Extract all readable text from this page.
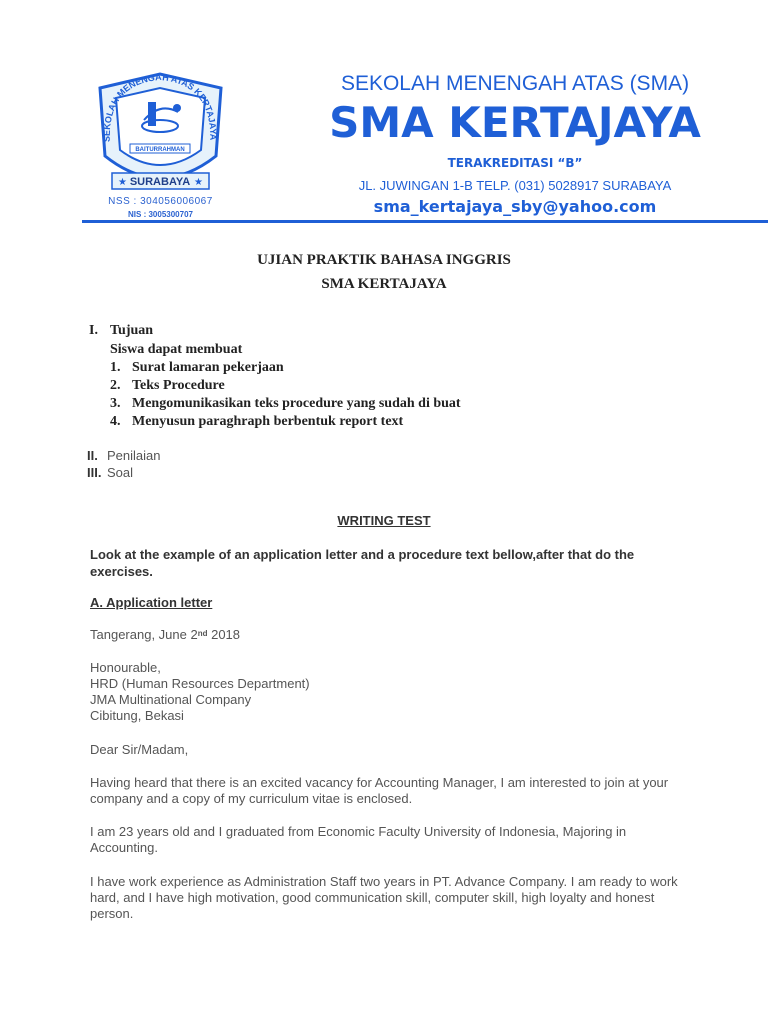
SEKOLAH MENENGAH ATAS KERTAJAYA
BAITURRAHMAN
★	★
SURABAYA
NSS : 304056006067
NIS : 3005300707
SEKOLAH MENENGAH ATAS (SMA)
SMA KERTAJAYA
TERAKREDITASI “B”
JL. JUWINGAN 1-B TELP. (031) 5028917 SURABAYA
sma_kertajaya_sby@yahoo.com
UJIAN PRAKTIK BAHASA INGGRIS
SMA KERTAJAYA
I. Tujuan
Siswa dapat membuat
1. Surat lamaran pekerjaan
2. Teks Procedure
3. Mengomunikasikan teks procedure yang sudah di buat
4. Menyusun paraghraph berbentuk report text
II. Penilaian
III. Soal
WRITING TEST
Look at the example of an application letter and a procedure text bellow,after that do the exercises.
A. Application letter
Tangerang, June 2nd 2018
Honourable,
HRD (Human Resources Department)
JMA Multinational Company
Cibitung, Bekasi
Dear Sir/Madam,
Having heard that there is an excited vacancy for Accounting Manager, I am interested to join at your company and a copy of my curriculum vitae is enclosed.
I am 23 years old and I graduated from Economic Faculty University of Indonesia, Majoring in Accounting.
I have work experience as Administration Staff two years in PT. Advance Company. I am ready to work hard, and I have high motivation, good communication skill, computer skill, high loyalty and honest person.
